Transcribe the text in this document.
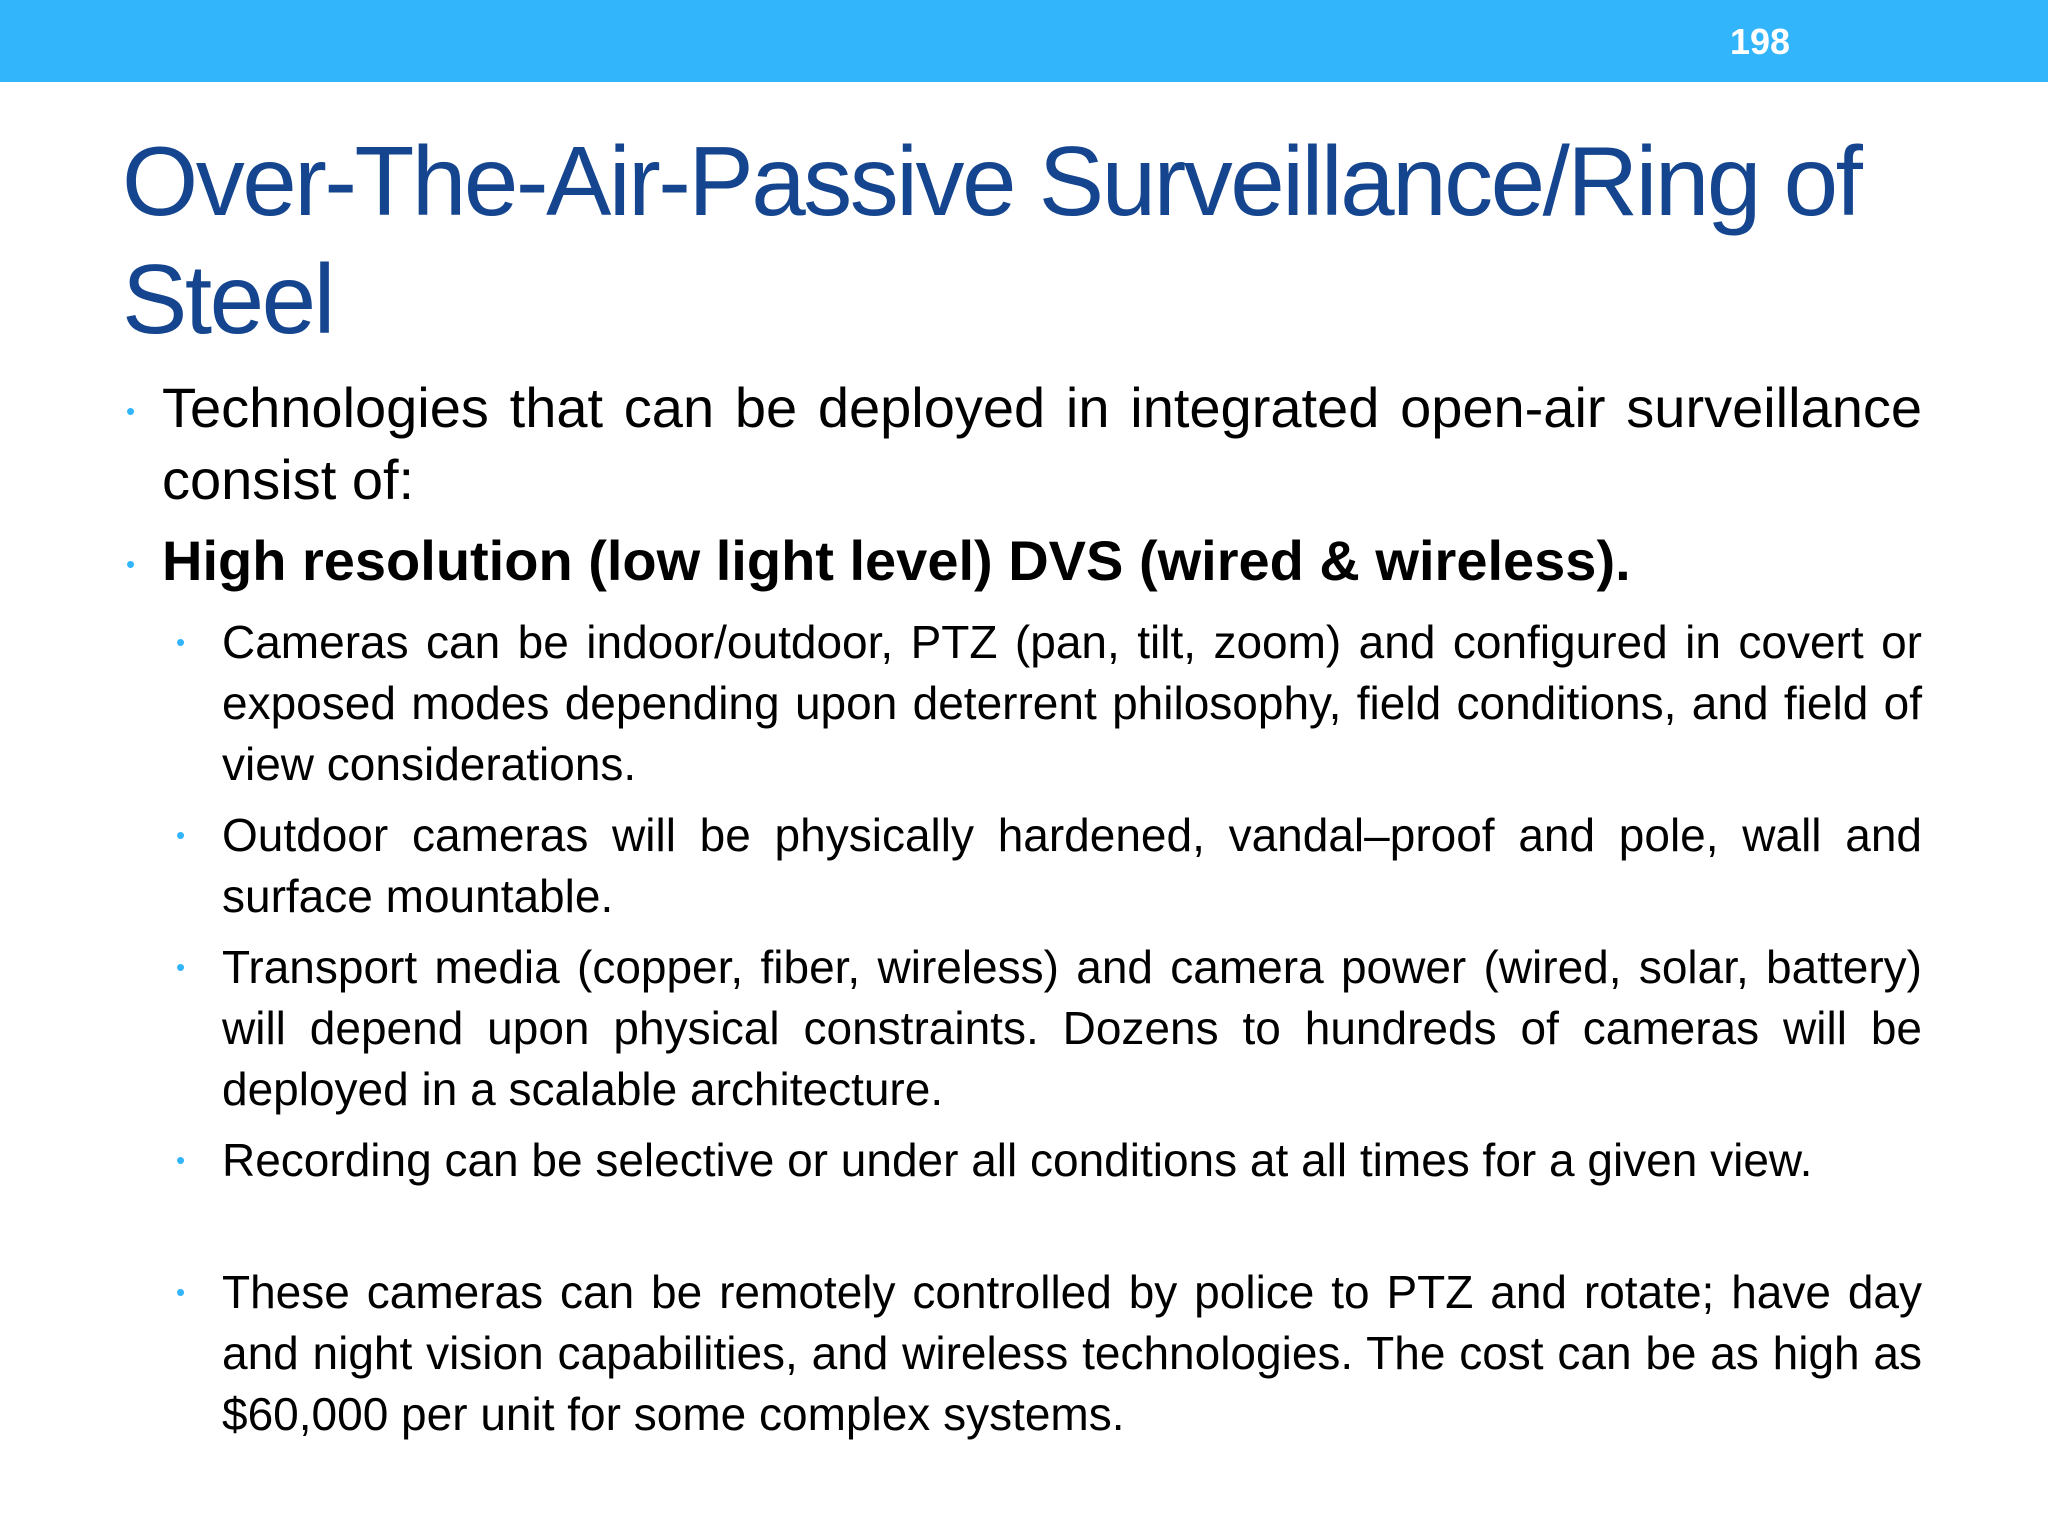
198
Over-The-Air-Passive Surveillance/Ring of Steel
• Technologies that can be deployed in integrated open-air surveillance consist of:
• High resolution (low light level) DVS (wired & wireless).
• Cameras can be indoor/outdoor, PTZ (pan, tilt, zoom) and configured in covert or exposed modes depending upon deterrent philosophy, field conditions, and field of view considerations.
• Outdoor cameras will be physically hardened, vandal–proof and pole, wall and surface mountable.
• Transport media (copper, fiber, wireless) and camera power (wired, solar, battery) will depend upon physical constraints. Dozens to hundreds of cameras will be deployed in a scalable architecture.
• Recording can be selective or under all conditions at all times for a given view.
• These cameras can be remotely controlled by police to PTZ and rotate; have day and night vision capabilities, and wireless technologies. The cost can be as high as $60,000 per unit for some complex systems.
